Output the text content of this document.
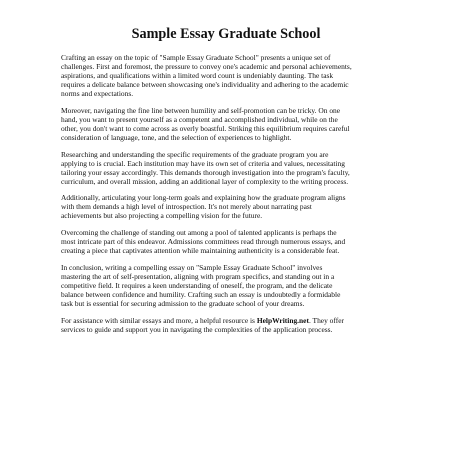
Sample Essay Graduate School

Crafting an essay on the topic of "Sample Essay Graduate School" presents a unique set of
challenges. First and foremost, the pressure to convey one's academic and personal achievements,
aspirations, and qualifications within a limited word count is undeniably daunting. The task
requires a delicate balance between showcasing one's individuality and adhering to the academic
norms and expectations.

Moreover, navigating the fine line between humility and self-promotion can be tricky. On one
hand, you want to present yourself as a competent and accomplished individual, while on the
other, you don't want to come across as overly boastful. Striking this equilibrium requires careful
consideration of language, tone, and the selection of experiences to highlight.

Researching and understanding the specific requirements of the graduate program you are
applying to is crucial. Each institution may have its own set of criteria and values, necessitating
tailoring your essay accordingly. This demands thorough investigation into the program's faculty,
curriculum, and overall mission, adding an additional layer of complexity to the writing process.

Additionally, articulating your long-term goals and explaining how the graduate program aligns
with them demands a high level of introspection. It's not merely about narrating past
achievements but also projecting a compelling vision for the future.

Overcoming the challenge of standing out among a pool of talented applicants is perhaps the
most intricate part of this endeavor. Admissions committees read through numerous essays, and
creating a piece that captivates attention while maintaining authenticity is a considerable feat.

In conclusion, writing a compelling essay on "Sample Essay Graduate School" involves
mastering the art of self-presentation, aligning with program specifics, and standing out in a
competitive field. It requires a keen understanding of oneself, the program, and the delicate
balance between confidence and humility. Crafting such an essay is undoubtedly a formidable
task but is essential for securing admission to the graduate school of your dreams.

For assistance with similar essays and more, a helpful resource is HelpWriting.net. They offer
services to guide and support you in navigating the complexities of the application process.
